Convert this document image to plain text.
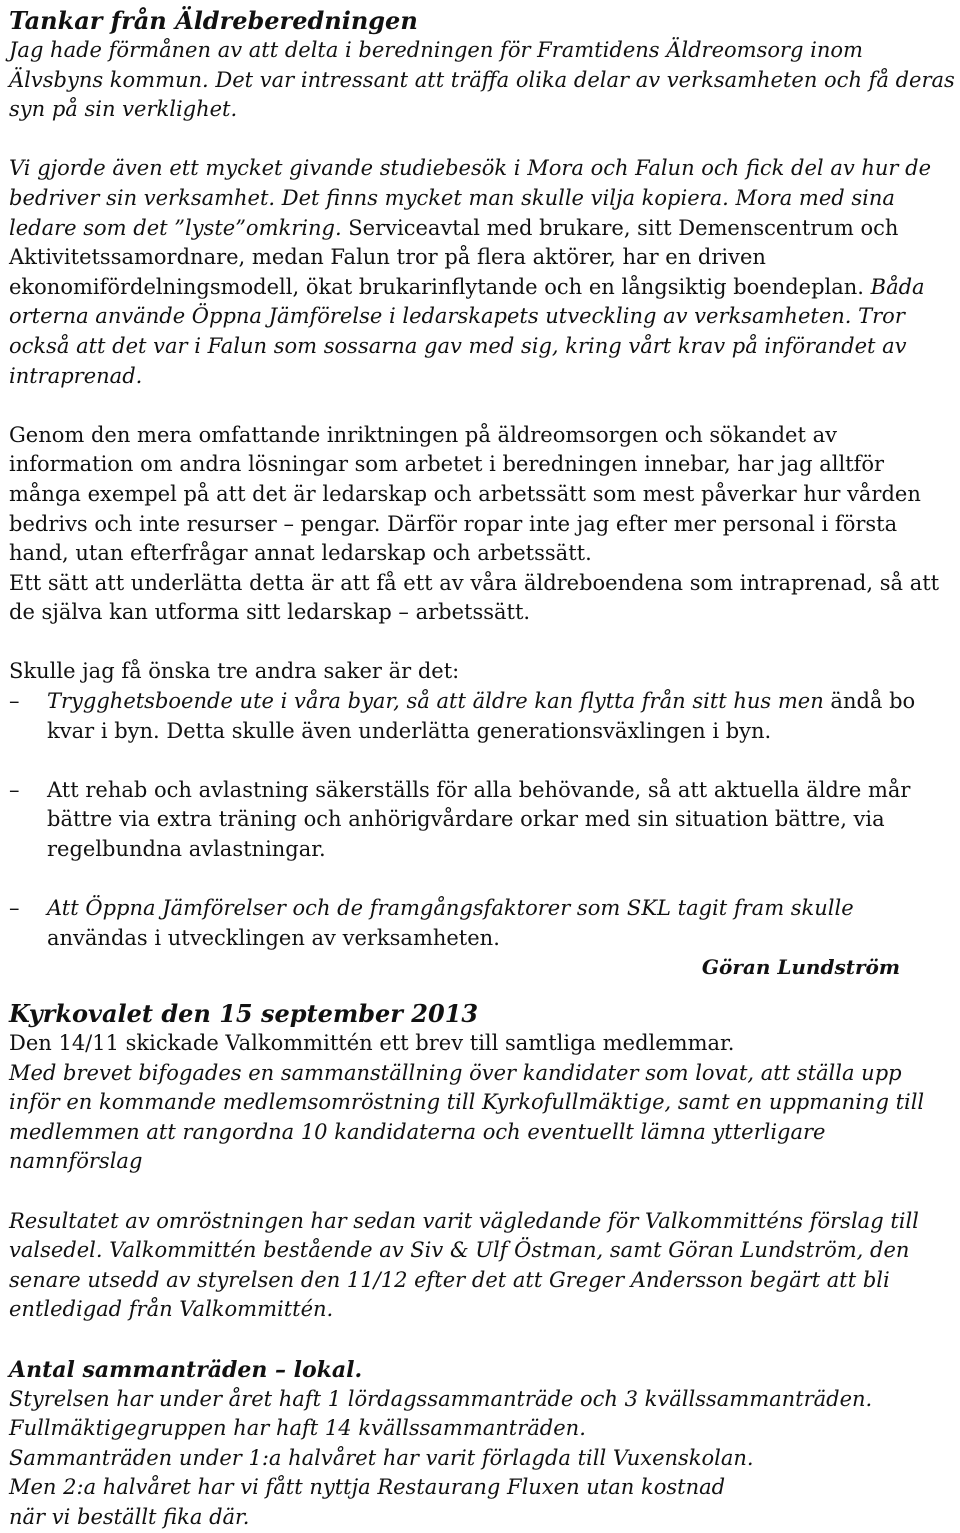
Tankar från Äldreberedningen

Jag hade förmånen av att delta i beredningen för Framtidens Äldreomsorg inom Älvsbyns kommun. Det var intressant att träffa olika delar av verksamheten och få deras syn på sin verklighet.

Vi gjorde även ett mycket givande studiebesök i Mora och Falun och fick del av hur de bedriver sin verksamhet. Det finns mycket man skulle vilja kopiera. Mora med sina ledare som det ”lyste”omkring. Serviceavtal med brukare, sitt Demenscentrum och Aktivitetssamordnare, medan Falun tror på flera aktörer, har en driven ekonomifördelningsmodell, ökat brukarinflytande och en långsiktig boendeplan. Båda orterna använde Öppna Jämförelse i ledarskapets utveckling av verksamheten. Tror också att det var i Falun som sossarna gav med sig, kring vårt krav på införandet av intraprenad.

Genom den mera omfattande inriktningen på äldreomsorgen och sökandet av information om andra lösningar som arbetet i beredningen innebar, har jag alltför många exempel på att det är ledarskap och arbetssätt som mest påverkar hur vården bedrivs och inte resurser – pengar. Därför ropar inte jag efter mer personal i första hand, utan efterfrågar annat ledarskap och arbetssätt.

Ett sätt att underlätta detta är att få ett av våra äldreboendena som intraprenad, så att de själva kan utforma sitt ledarskap – arbetssätt.

Skulle jag få önska tre andra saker är det:

– Trygghetsboende ute i våra byar, så att äldre kan flytta från sitt hus men ändå bo kvar i byn. Detta skulle även underlätta generationsväxlingen i byn.
– Att rehab och avlastning säkerställs för alla behövande, så att aktuella äldre mår bättre via extra träning och anhörigvårdare orkar med sin situation bättre, via regelbundna avlastningar.
– Att Öppna Jämförelser och de framgångsfaktorer som SKL tagit fram skulle användas i utvecklingen av verksamheten.
Göran Lundström
Kyrkovalet den 15 september 2013

Den 14/11 skickade Valkommittén ett brev till samtliga medlemmar.

Med brevet bifogades en sammanställning över kandidater som lovat, att ställa upp inför en kommande medlemsomröstning till Kyrkofullmäktige, samt en uppmaning till medlemmen att rangordna 10 kandidaterna och eventuellt lämna ytterligare namnförslag

Resultatet av omröstningen har sedan varit vägledande för Valkommitténs förslag till valsedel. Valkommittén bestående av Siv & Ulf Östman, samt Göran Lundström, den senare utsedd av styrelsen den 11/12 efter det att Greger Andersson begärt att bli entledigad från Valkommittén.

Antal sammanträden – lokal.
Styrelsen har under året haft 1 lördagssammanträde och 3 kvällssammanträden.
Fullmäktigegruppen har haft 14 kvällssammanträden.
Sammanträden under 1:a halvåret har varit förlagda till Vuxenskolan.
Men 2:a halvåret har vi fått nyttja Restaurang Fluxen utan kostnad
när vi beställt fika där.
